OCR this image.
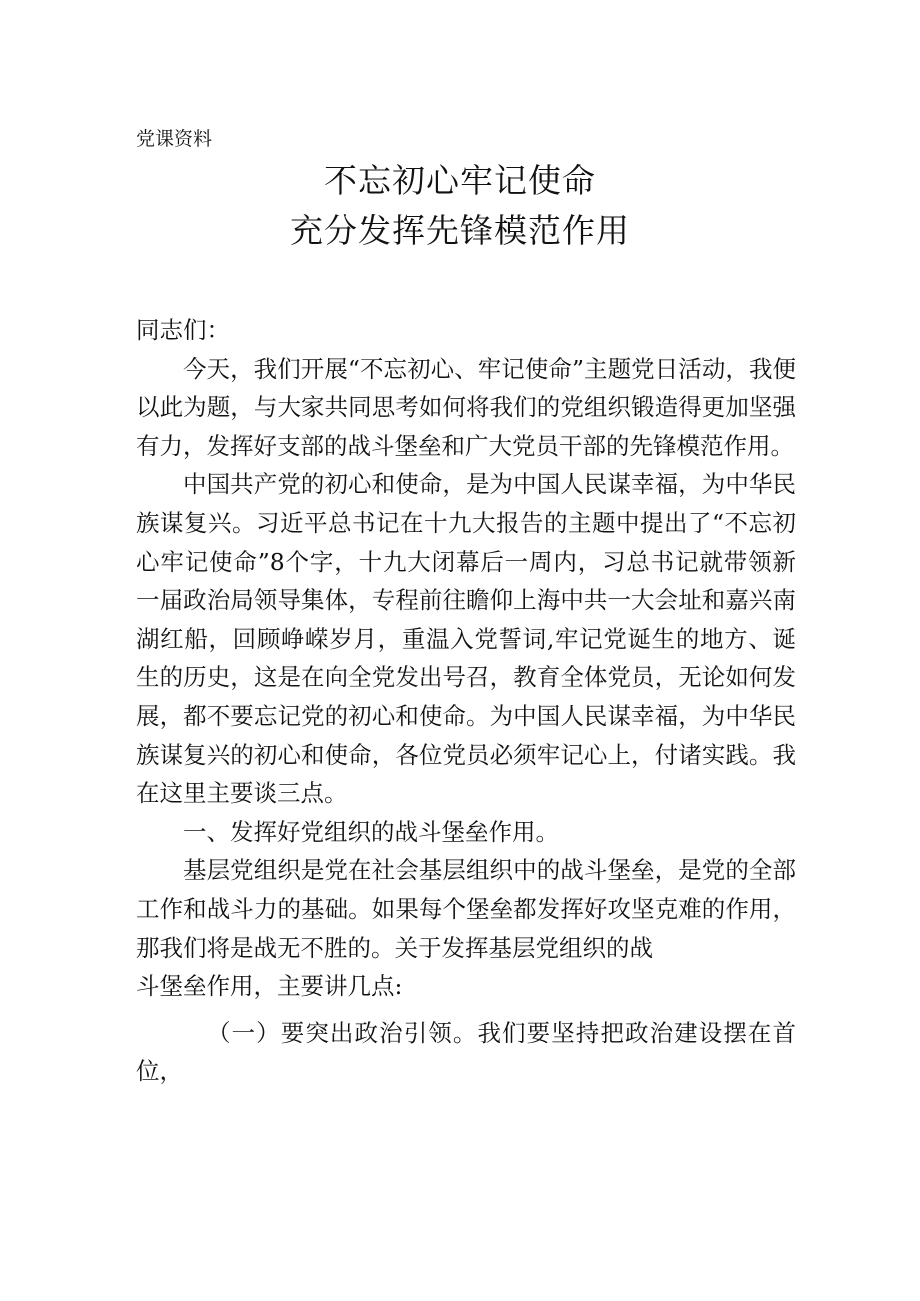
党课资料

不忘初心牢记使命
充分发挥先锋模范作用

同志们：

今天，我们开展“不忘初心、牢记使命”主题党日活动，我便以此为题，与大家共同思考如何将我们的党组织锻造得更加坚强有力，发挥好支部的战斗堡垒和广大党员干部的先锋模范作用。

中国共产党的初心和使命，是为中国人民谋幸福，为中华民族谋复兴。习近平总书记在十九大报告的主题中提出了“不忘初心牢记使命”8个字，十九大闭幕后一周内，习总书记就带领新一届政治局领导集体，专程前往瞻仰上海中共一大会址和嘉兴南湖红船，回顾峥嵘岁月，重温入党誓词,牢记党诞生的地方、诞生的历史，这是在向全党发出号召，教育全体党员，无论如何发展，都不要忘记党的初心和使命。为中国人民谋幸福，为中华民族谋复兴的初心和使命，各位党员必须牢记心上，付诸实践。我在这里主要谈三点。

一、发挥好党组织的战斗堡垒作用。

基层党组织是党在社会基层组织中的战斗堡垒，是党的全部工作和战斗力的基础。如果每个堡垒都发挥好攻坚克难的作用，那我们将是战无不胜的。关于发挥基层党组织的战

斗堡垒作用，主要讲几点:

（一）要突出政治引领。我们要坚持把政治建设摆在首位，
